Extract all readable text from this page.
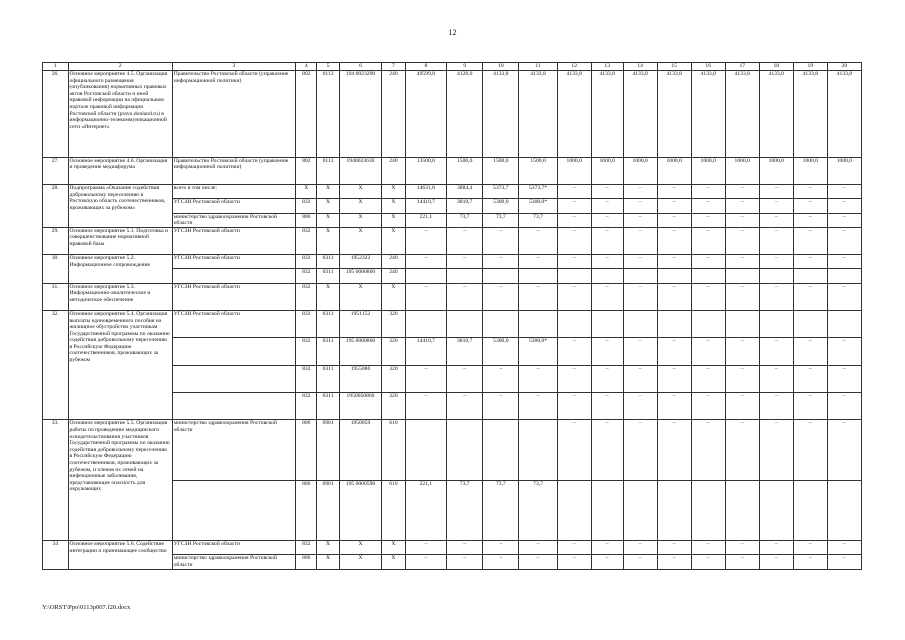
12
1	2	3	4	5	6	7	8	9	10	11	12	13	14	15	16	17	18	19	20
26.	Основное мероприятие 4.5. Организация официального размещения (опубликования) нормативных правовых актов Ростовской области и иной правовой информации на официальном портале правовой информации Ростовской области (pravo.donland.ru) в информационно-телекоммуникационной сети «Интернет»	Правительство Ростовской области (управление информационной политики)	802	0113	194 0023290	240	49599,8	4128,0	4133,8	4133,8	4133,8	4133,8	4133,8	4133,8	4133,8	4133,8	4133,8	4133,8	4133,8
27.	Основное мероприятие 4.6. Организация и проведение медиафорума	Правительство Ростовской области (управление информационной политики)	802	0113	1940023630	240	13500,0	1500,0	1500,0	1500,0	1000,0	1000,0	1000,0	1000,0	1000,0	1000,0	1000,0	1000,0	1000,0
28.	Подпрограмма «Оказание содействия добровольному переселению в Ростовскую область соотечественников, проживающих за рубежом»	всего в том числе:	X	X	X	X	14631,8	3884,4	5373,7	5373,7*	–	–	–	–	–	–	–	–	–
		УГСЗН Ростовской области	832	X	X	X	14410,7	3810,7	5300,0	5300,0*	–	–	–	–	–	–	–	–	–
		министерство здравоохранения Ростовской области	806	X	X	X	221,1	73,7	73,7	73,7	–	–	–	–	–	–	–	–	–
29.	Основное мероприятие 5.1. Подготовка и совершенствование нормативной правовой базы	УГСЗН Ростовской области	832	X	X	X	–	–	–	–	–	–	–	–	–	–	–	–	–
30.	Основное мероприятие 5.2. Информационное сопровождение	УГСЗН Ростовской области	832	0311	1952322	240	–	–	–	–	–	–	–	–	–	–	–	–	–
			832	0311	195 0080860	240													
31.	Основное мероприятие 5.3. Информационно-аналитическое и методическое обеспечение	УГСЗН Ростовской области	832	X	X	X	–	–	–	–	–	–	–	–	–	–	–	–	–
32.	Основное мероприятие 5.4. Организация выплаты единовременного пособия на жилищное обустройство участникам Государственной программы по оказанию содействия добровольному переселению в Российскую Федерацию соотечественников, проживающих за рубежом	УГСЗН Ростовской области	832	0311	1951152	320													
			832	0311	195 0080860	320	14410,7	3810,7	5300,0	5300,0*	–	–	–	–	–	–	–	–	–
			832	0311	1955086	320	–	–	–	–	–	–	–	–	–	–	–	–	–
			832	0311	1950050860	320	–	–	–	–	–	–	–	–	–	–	–	–	–
33.	Основное мероприятие 5.5. Организация работы по проведению медицинского освидетельствования участников Государственной программы по оказанию содействия добровольному переселению в Российскую Федерацию соотечественников, проживающих за рубежом, и членов их семей на инфекционные заболевания, представляющие опасность для окружающих	министерство здравоохранения Ростовской области	806	0901	1950059	610					–	–	–	–	–	–	–	–	–
			806	0901	195 0000590	610	221,1	73,7	73,7	73,7									
34	Основное мероприятие 5.6. Содействие интеграции и принимающее сообщество	УГСЗН Ростовской области	832	X	X	X	–	–	–	–	–	–	–	–	–	–	–	–	–
		министерство здравоохранения Ростовской области	806	X	X	X	–	–	–	–	–	–	–	–	–	–	–	–	–
Y:\ORST\Ppo\0113p007.f20.docx
